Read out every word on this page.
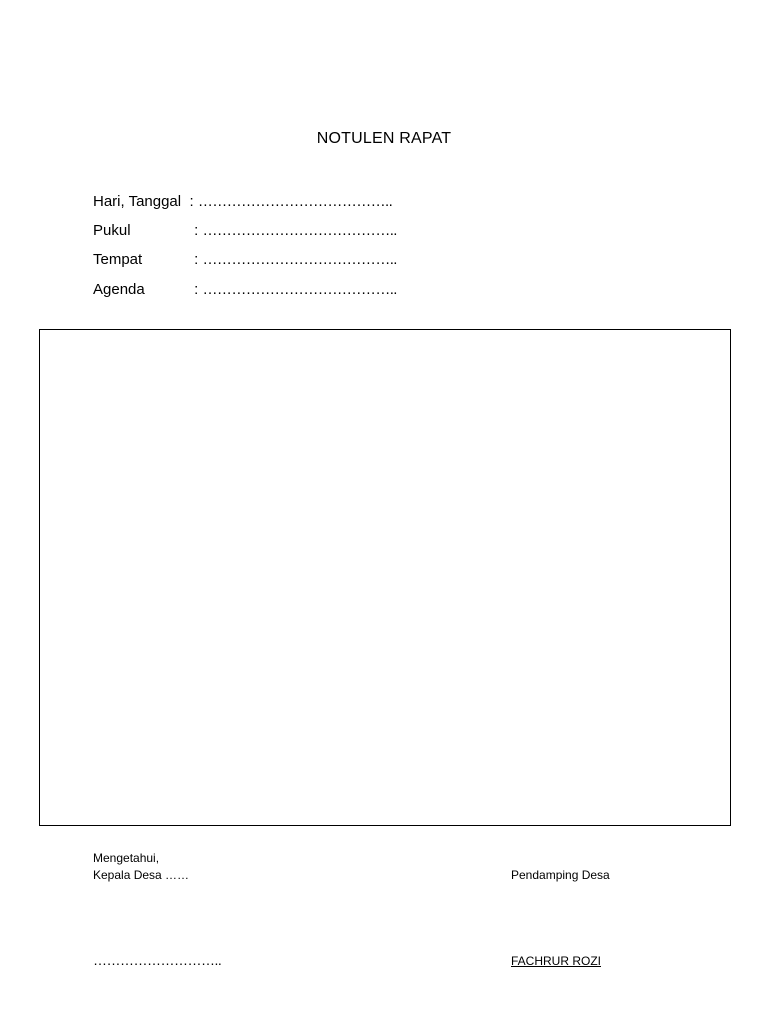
NOTULEN RAPAT
Hari, Tanggal : …………………………………..
Pukul	: …………………………………..
Tempat	: …………………………………..
Agenda	: …………………………………..
Mengetahui,
Kepala Desa ……
………………………..
Pendamping Desa
FACHRUR ROZI
